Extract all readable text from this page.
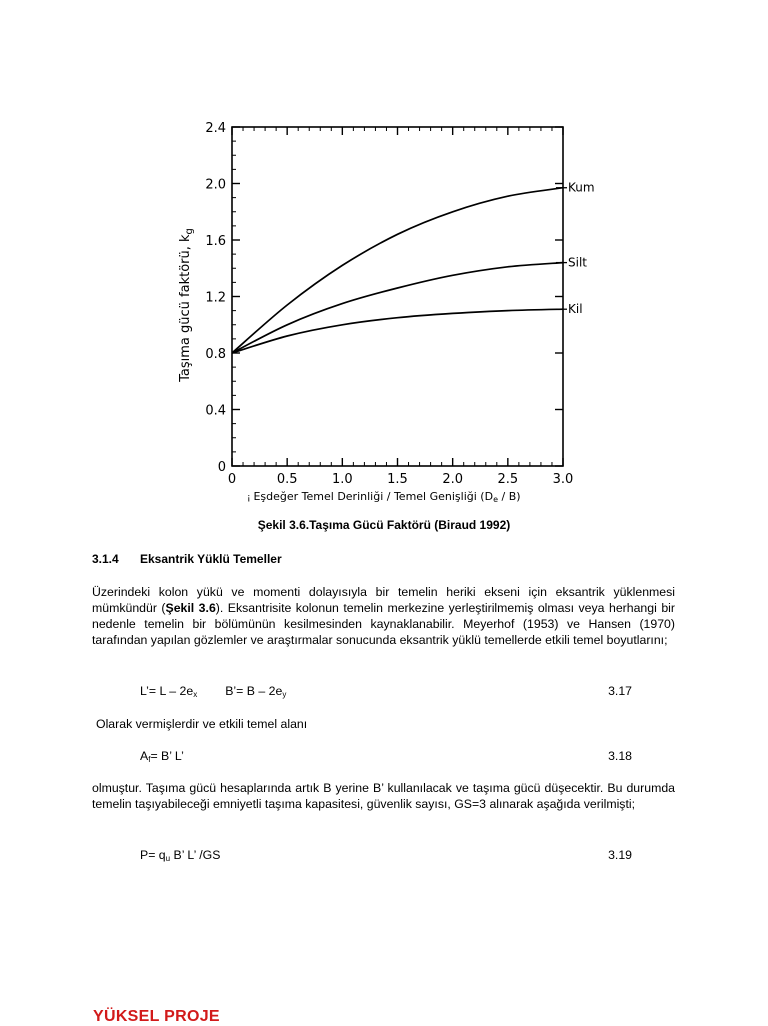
0
0.4
0.8
1.2
1.6
2.0
2.4
0	0.5	1.0	1.5	2.0	2.5	3.0
Kum
Silt
Kil
Taşıma gücü faktörü, $k_g$
¡ Eşdeğer Temel Derinliği / Temel Genişliği (De / B)
Şekil 3.6.Taşıma Gücü Faktörü (Biraud 1992)
3.1.4 Eksantrik Yüklü Temeller
Üzerindeki kolon yükü ve momenti dolayısıyla bir temelin heriki ekseni için eksantrik yüklenmesi mümkündür (Şekil 3.6). Eksantrisite kolonun temelin merkezine yerleştirilmemiş olması veya herhangi bir nedenle temelin bir bölümünün kesilmesinden kaynaklanabilir. Meyerhof (1953) ve Hansen (1970) tarafından yapılan gözlemler ve araştırmalar sonucunda eksantrik yüklü temellerde etkili temel boyutlarını;
L’= L – $2e_x$ B’= B – $2e_y$	3.17
Olarak vermişlerdir ve etkili temel alanı
$A_f= B$’ L’	3.18
olmuştur. Taşıma gücü hesaplarında artık B yerine B’ kullanılacak ve taşıma gücü düşecektir. Bu durumda temelin taşıyabileceği emniyetli taşıma kapasitesi, güvenlik sayısı, GS=3 alınarak aşağıda verilmişti;
$P= q_u$ B’ L’ /GS	3.19
YÜKSEL PROJE
